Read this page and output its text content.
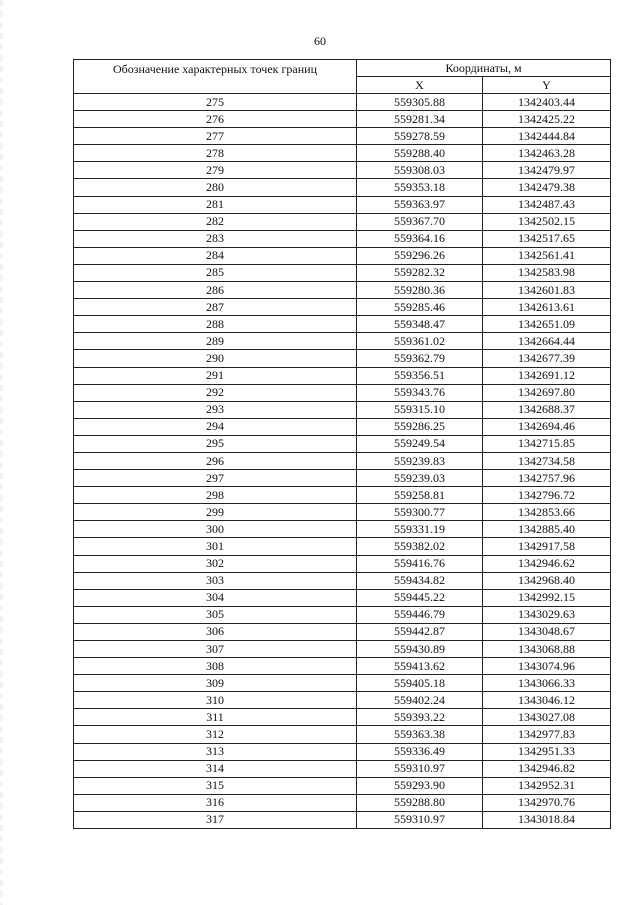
60
Обозначение характерных точек границ	Координаты, м	
	X	Y
275	559305.88	1342403.44
276	559281.34	1342425.22
277	559278.59	1342444.84
278	559288.40	1342463.28
279	559308.03	1342479.97
280	559353.18	1342479.38
281	559363.97	1342487.43
282	559367.70	1342502.15
283	559364.16	1342517.65
284	559296.26	1342561.41
285	559282.32	1342583.98
286	559280.36	1342601.83
287	559285.46	1342613.61
288	559348.47	1342651.09
289	559361.02	1342664.44
290	559362.79	1342677.39
291	559356.51	1342691.12
292	559343.76	1342697.80
293	559315.10	1342688.37
294	559286.25	1342694.46
295	559249.54	1342715.85
296	559239.83	1342734.58
297	559239.03	1342757.96
298	559258.81	1342796.72
299	559300.77	1342853.66
300	559331.19	1342885.40
301	559382.02	1342917.58
302	559416.76	1342946.62
303	559434.82	1342968.40
304	559445.22	1342992.15
305	559446.79	1343029.63
306	559442.87	1343048.67
307	559430.89	1343068.88
308	559413.62	1343074.96
309	559405.18	1343066.33
310	559402.24	1343046.12
311	559393.22	1343027.08
312	559363.38	1342977.83
313	559336.49	1342951.33
314	559310.97	1342946.82
315	559293.90	1342952.31
316	559288.80	1342970.76
317	559310.97	1343018.84
